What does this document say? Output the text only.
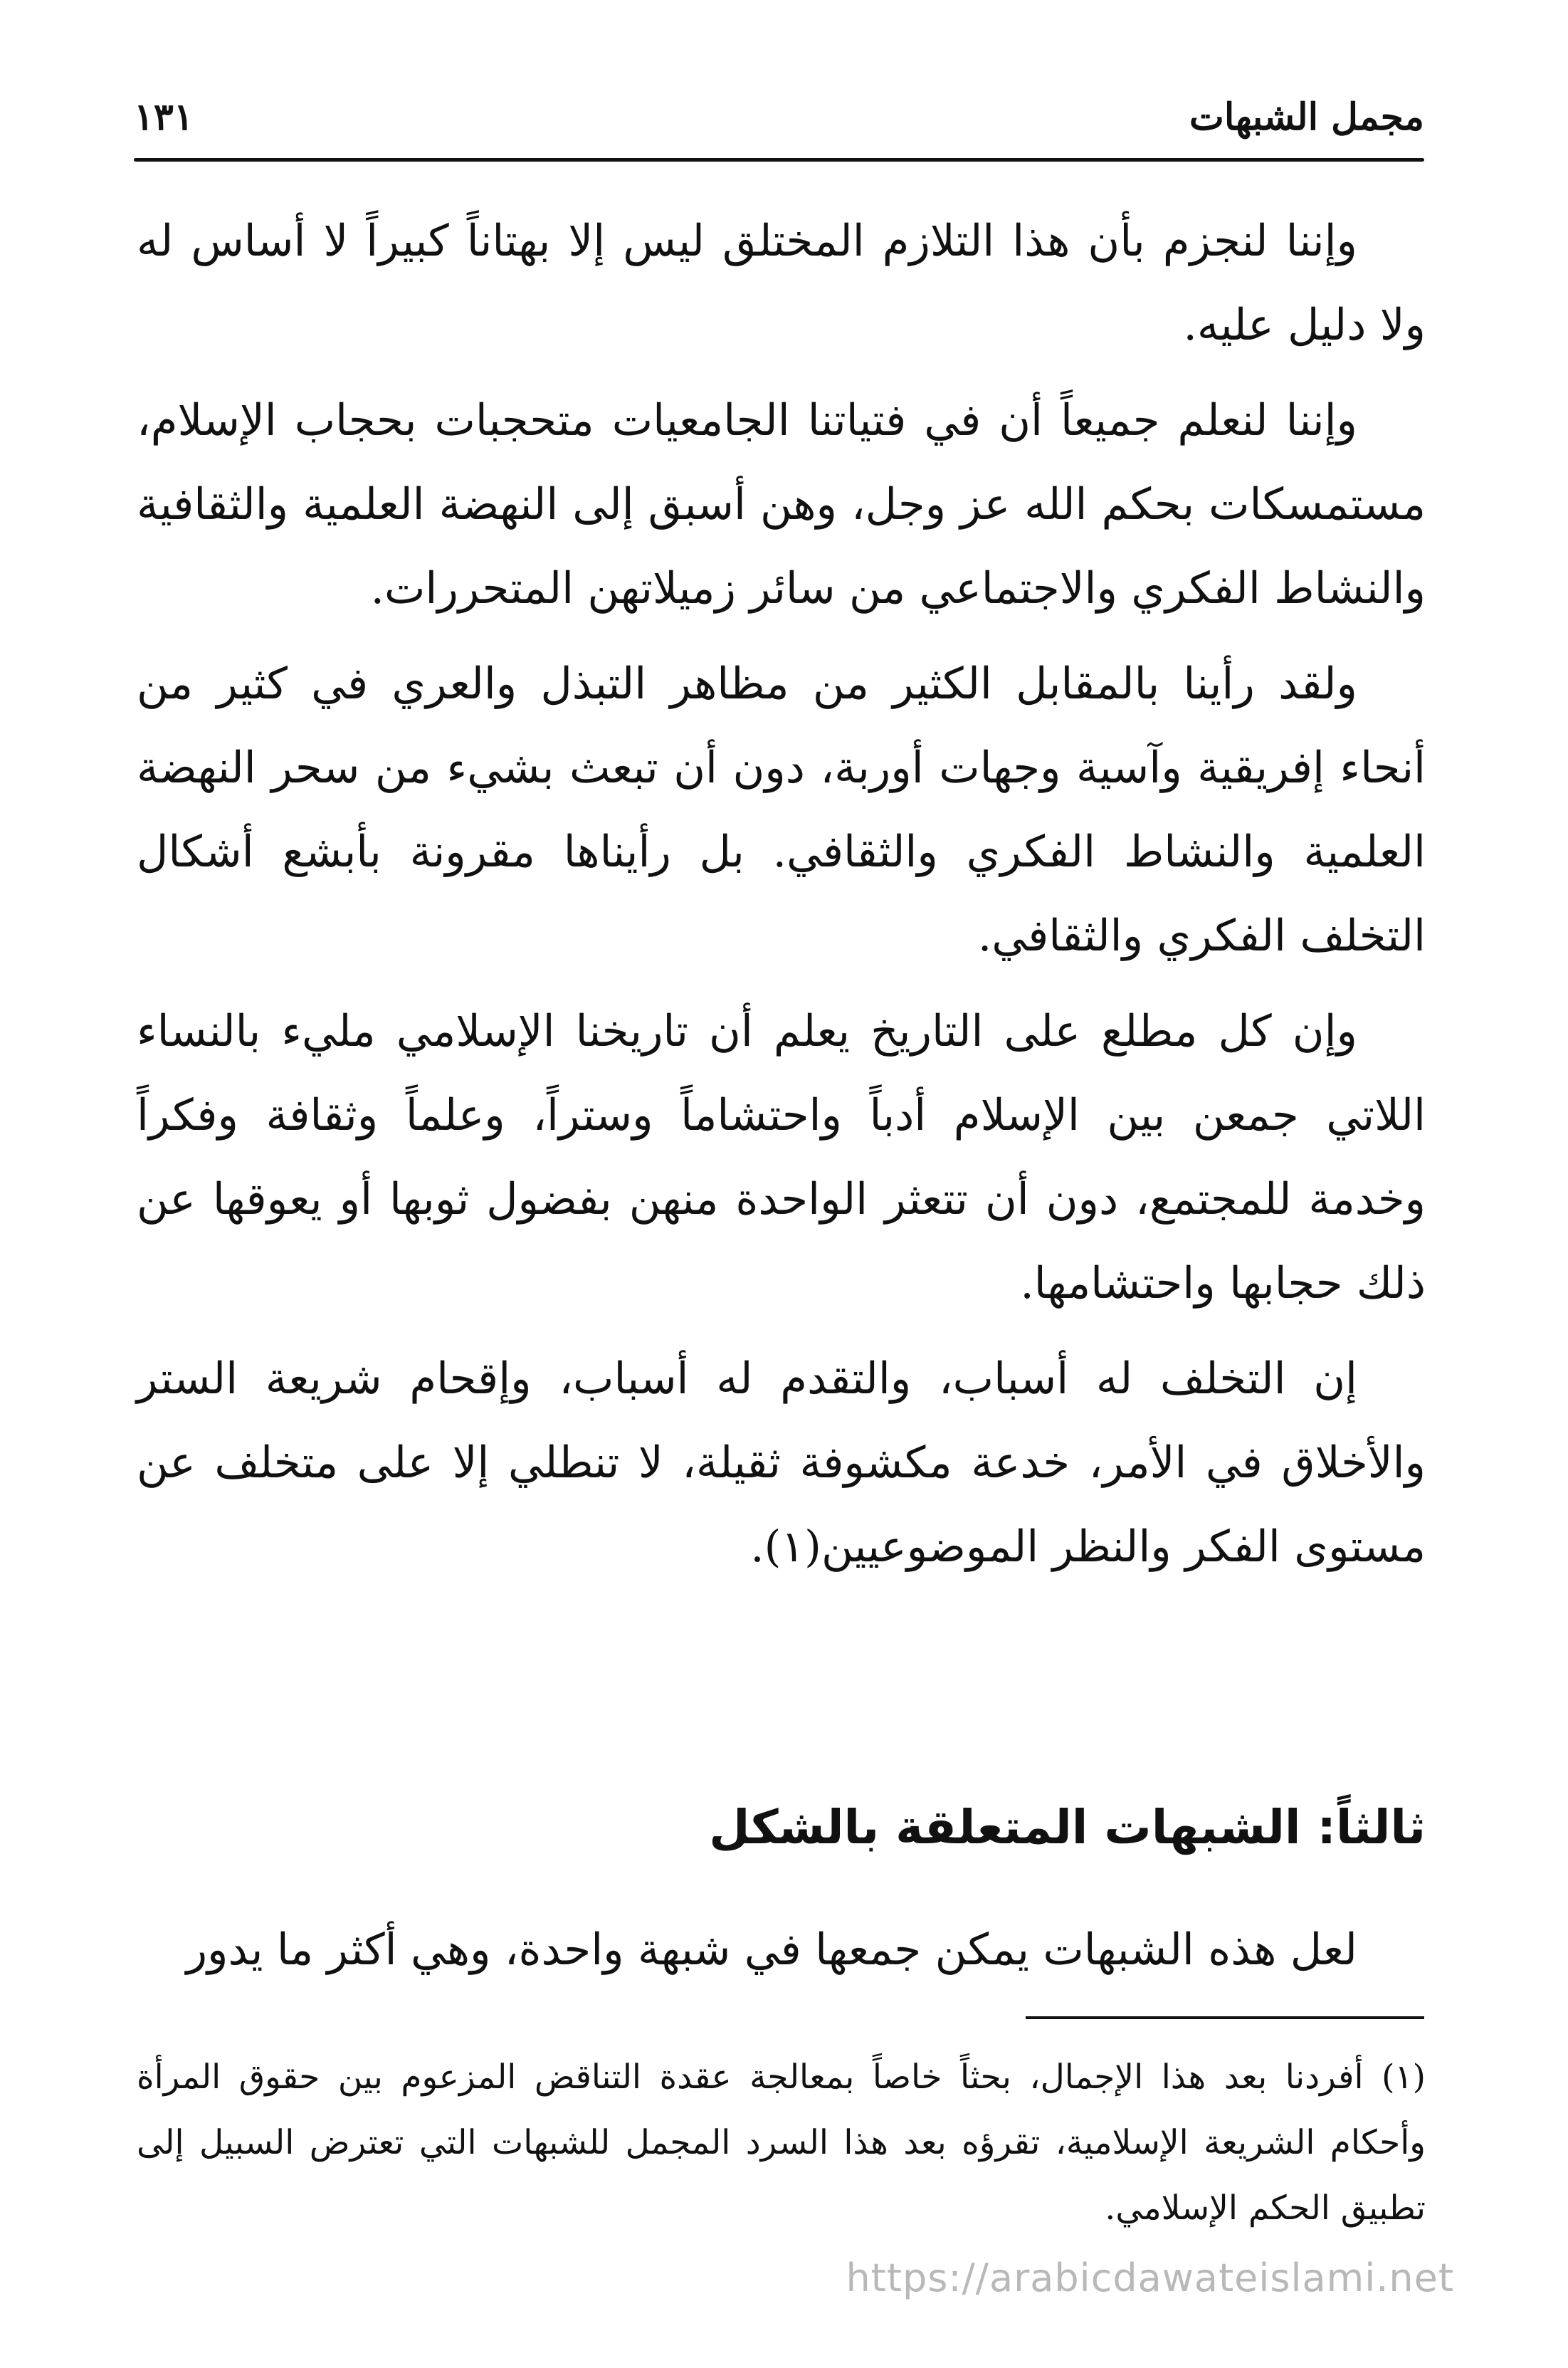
مجمل الشبهات
١٣١

وإننا لنجزم بأن هذا التلازم المختلق ليس إلا بهتاناً كبيراً لا أساس له ولا دليل عليه.

وإننا لنعلم جميعاً أن في فتياتنا الجامعيات متحجبات بحجاب الإسلام، مستمسكات بحكم الله عز وجل، وهن أسبق إلى النهضة العلمية والثقافية والنشاط الفكري والاجتماعي من سائر زميلاتهن المتحررات.

ولقد رأينا بالمقابل الكثير من مظاهر التبذل والعري في كثير من أنحاء إفريقية وآسية وجهات أوربة، دون أن تبعث بشيء من سحر النهضة العلمية والنشاط الفكري والثقافي. بل رأيناها مقرونة بأبشع أشكال التخلف الفكري والثقافي.

وإن كل مطلع على التاريخ يعلم أن تاريخنا الإسلامي مليء بالنساء اللاتي جمعن بين الإسلام أدباً واحتشاماً وستراً، وعلماً وثقافة وفكراً وخدمة للمجتمع، دون أن تتعثر الواحدة منهن بفضول ثوبها أو يعوقها عن ذلك حجابها واحتشامها.

إن التخلف له أسباب، والتقدم له أسباب، وإقحام شريعة الستر والأخلاق في الأمر، خدعة مكشوفة ثقيلة، لا تنطلي إلا على متخلف عن مستوى الفكر والنظر الموضوعيين(١).

ثالثاً: الشبهات المتعلقة بالشكل
لعل هذه الشبهات يمكن جمعها في شبهة واحدة، وهي أكثر ما يدور
(١) أفردنا بعد هذا الإجمال، بحثاً خاصاً بمعالجة عقدة التناقض المزعوم بين حقوق المرأة وأحكام الشريعة الإسلامية، تقرؤه بعد هذا السرد المجمل للشبهات التي تعترض السبيل إلى تطبيق الحكم الإسلامي.
https://arabicdawateislami.net
